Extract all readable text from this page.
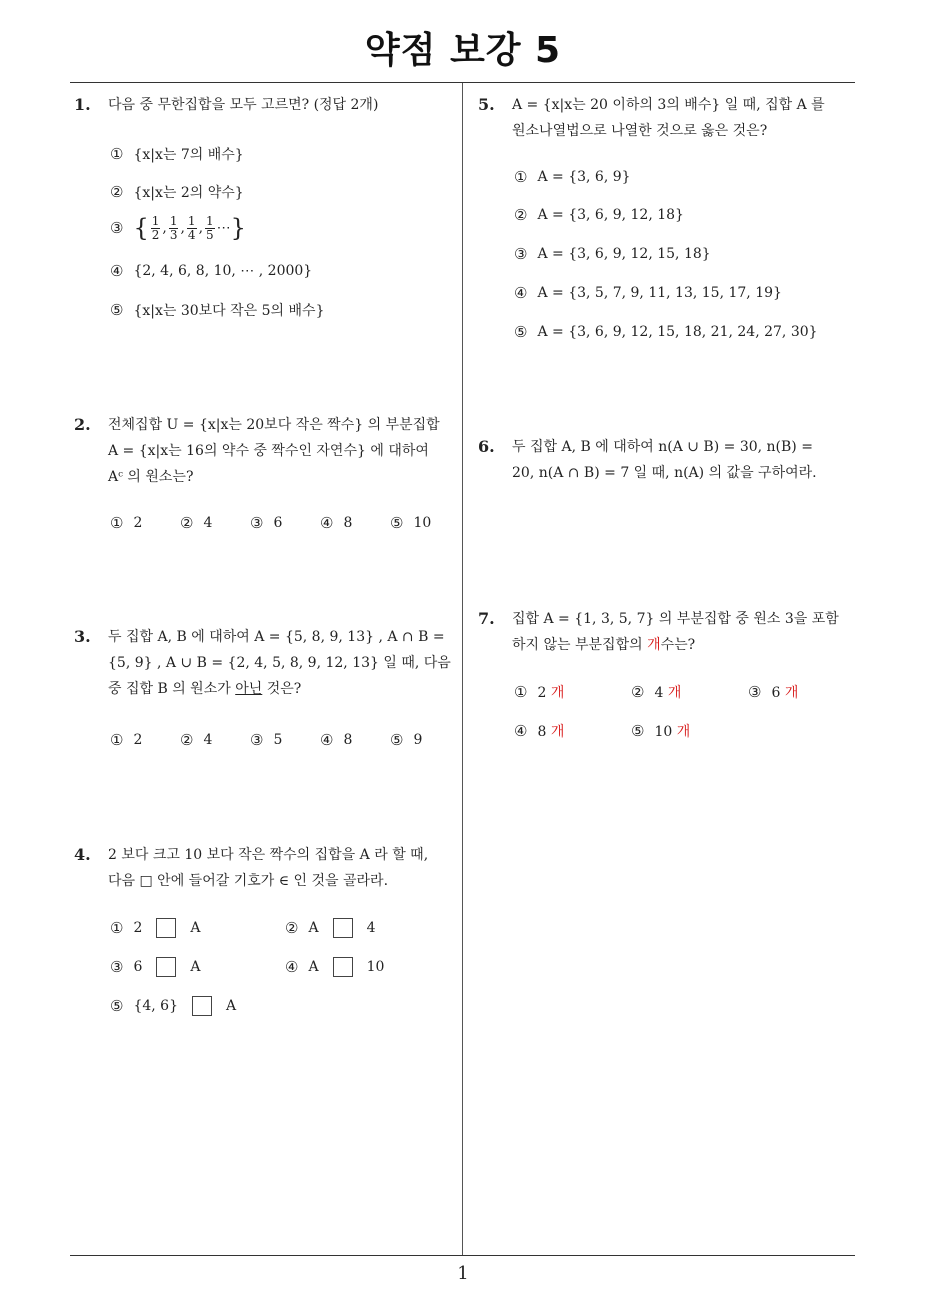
약점 보강 5
1
1. 다음 중 무한집합을 모두 고르면? (정답 2개)
① {x|x는 7의 배수}
② {x|x는 2의 약수}
③ { $\frac{1}{2}$ , $\frac{1}{3}$ , $\frac{1}{4}$ , $\frac{1}{5}$ ⋯ }
④ {2, 4, 6, 8, 10, ⋯ , 2000}
⑤ {x|x는 30보다 작은 5의 배수}
2. 전체집합 U = {x|x는 20보다 작은 짝수} 의 부분집합
A = {x|x는 16의 약수 중 짝수인 자연수} 에 대하여
Aᶜ 의 원소는?
① 2	② 4	③ 6	④ 8	⑤ 10
3. 두 집합 A, B 에 대하여 A = {5, 8, 9, 13} , A ∩ B =
{5, 9} , A ∪ B = {2, 4, 5, 8, 9, 12, 13} 일 때, 다음
중 집합 B 의 원소가 아닌 것은?
① 2	② 4	③ 5	④ 8	⑤ 9
4. 2 보다 크고 10 보다 작은 짝수의 집합을 A 라 할 때,
다음 □ 안에 들어갈 기호가 ∈ 인 것을 골라라.
① 2	A	② A	4
③ 6	A	④ A	10
⑤ {4, 6}	A
5. A = {x|x는 20 이하의 3의 배수} 일 때, 집합 A 를
원소나열법으로 나열한 것으로 옳은 것은?
① A = {3, 6, 9}
② A = {3, 6, 9, 12, 18}
③ A = {3, 6, 9, 12, 15, 18}
④ A = {3, 5, 7, 9, 11, 13, 15, 17, 19}
⑤ A = {3, 6, 9, 12, 15, 18, 21, 24, 27, 30}
6. 두 집합 A, B 에 대하여 n(A ∪ B) = 30, n(B) =
20, n(A ∩ B) = 7 일 때, n(A) 의 값을 구하여라.
7. 집합 A = {1, 3, 5, 7} 의 부분집합 중 원소 3을 포함
하지 않는 부분집합의 개수는?
① 2 개	② 4 개	③ 6 개
④ 8 개	⑤ 10 개
